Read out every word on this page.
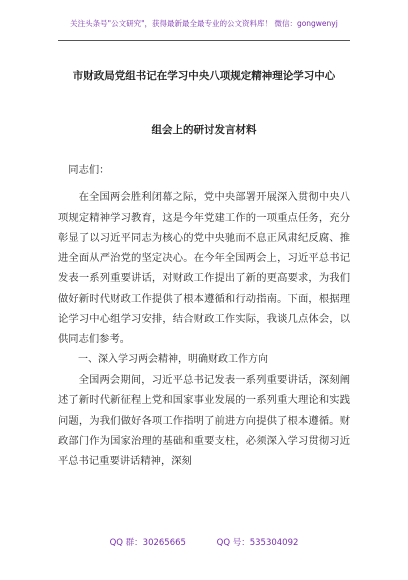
关注头条号"公文研究"，获得最新最全最专业的公文资料库！ 微信：gongwenyj
市财政局党组书记在学习中央八项规定精神理论学习中心
组会上的研讨发言材料

同志们：

在全国两会胜利闭幕之际，党中央部署开展深入贯彻中央八项规定精神学习教育，这是今年党建工作的一项重点任务，充分彰显了以习近平同志为核心的党中央驰而不息正风肃纪反腐、推进全面从严治党的坚定决心。在今年全国两会上，习近平总书记发表一系列重要讲话，对财政工作提出了新的更高要求，为我们做好新时代财政工作提供了根本遵循和行动指南。下面，根据理论学习中心组学习安排，结合财政工作实际，我谈几点体会，以供同志们参考。

一、深入学习两会精神，明确财政工作方向

全国两会期间，习近平总书记发表一系列重要讲话，深刻阐述了新时代新征程上党和国家事业发展的一系列重大理论和实践问题，为我们做好各项工作指明了前进方向提供了根本遵循。财政部门作为国家治理的基础和重要支柱，必须深入学习贯彻习近平总书记重要讲话精神，深刻

QQ 群：30265665	QQ 号：535304092
